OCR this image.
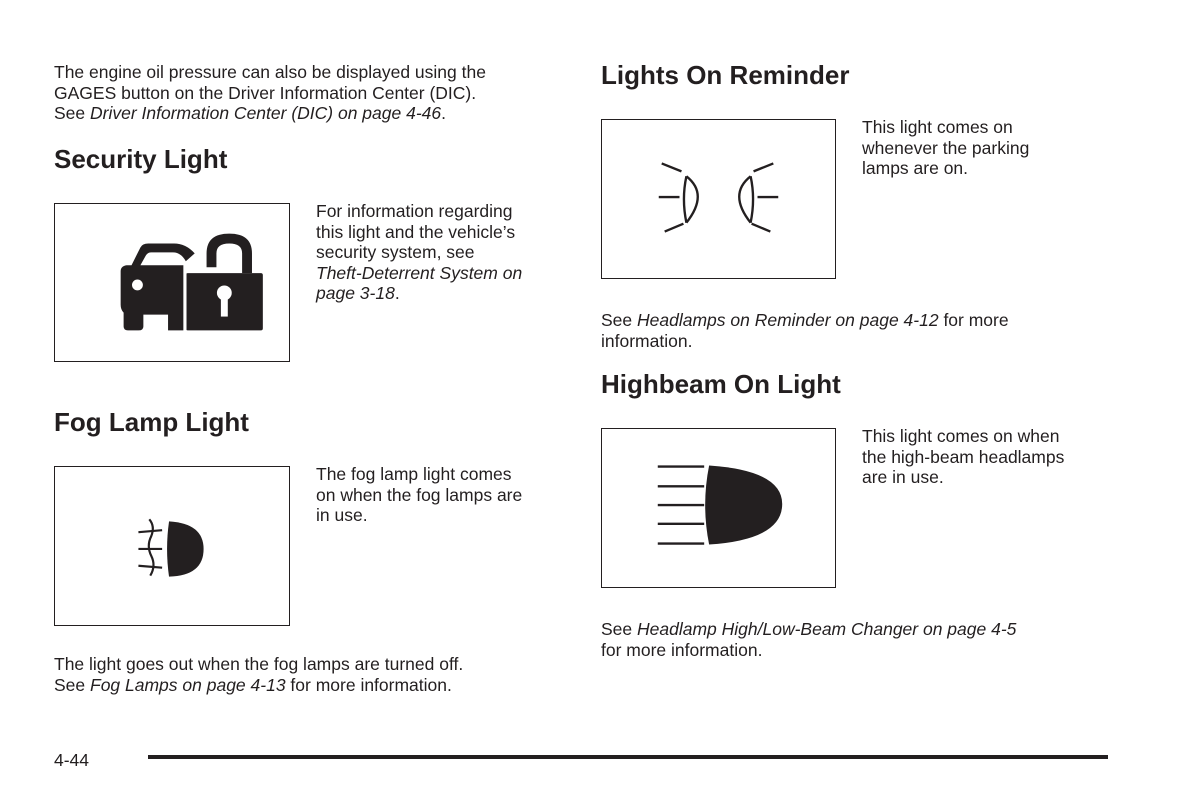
The engine oil pressure can also be displayed using the
GAGES button on the Driver Information Center (DIC).
See Driver Information Center (DIC) on page 4-46.

Security Light

For information regarding
this light and the vehicle’s
security system, see
Theft-Deterrent System on
page 3-18.

Fog Lamp Light

The fog lamp light comes
on when the fog lamps are
in use.

The light goes out when the fog lamps are turned off.
See Fog Lamps on page 4-13 for more information.

Lights On Reminder

This light comes on
whenever the parking
lamps are on.

See Headlamps on Reminder on page 4-12 for more
information.

Highbeam On Light

This light comes on when
the high-beam headlamps
are in use.

See Headlamp High/Low-Beam Changer on page 4-5
for more information.

4-44
